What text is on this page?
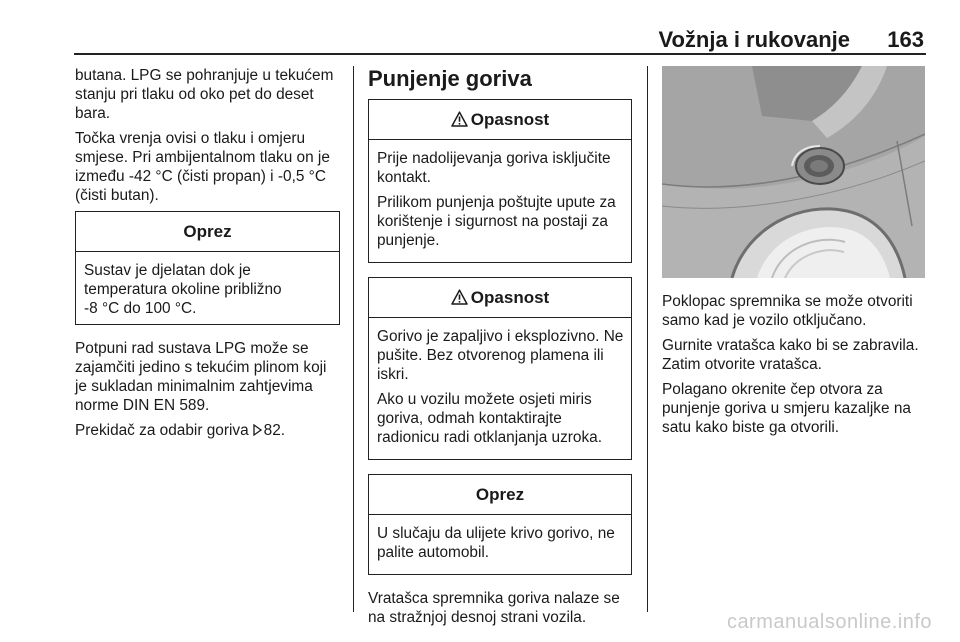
Vožnja i rukovanje 163

butana. LPG se pohranjuje u tekućem stanju pri tlaku od oko pet do deset bara.

Točka vrenja ovisi o tlaku i omjeru smjese. Pri ambijentalnom tlaku on je između -42 °C (čisti propan) i -0,5 °C (čisti butan).

Oprez
Sustav je djelatan dok je
temperatura okoline približno
-8 °C do 100 °C.

Potpuni rad sustava LPG može se zajamčiti jedino s tekućim plinom koji je sukladan minimalnim zahtjevima norme DIN EN 589.

Prekidač za odabir goriva 82.

Punjenje goriva
Opasnost

Prije nadolijevanja goriva isključite kontakt.

Prilikom punjenja poštujte upute za korištenje i sigurnost na postaji za punjenje.

Opasnost

Gorivo je zapaljivo i eksplozivno. Ne pušite. Bez otvorenog plamena ili iskri.

Ako u vozilu možete osjeti miris goriva, odmah kontaktirajte radionicu radi otklanjanja uzroka.

Oprez

U slučaju da ulijete krivo gorivo, ne palite automobil.

Vratašca spremnika goriva nalaze se na stražnjoj desnoj strani vozila.

Poklopac spremnika se može otvoriti samo kad je vozilo otključano.

Gurnite vratašca kako bi se zabravila. Zatim otvorite vratašca.

Polagano okrenite čep otvora za punjenje goriva u smjeru kazaljke na satu kako biste ga otvorili.

carmanualsonline.info
